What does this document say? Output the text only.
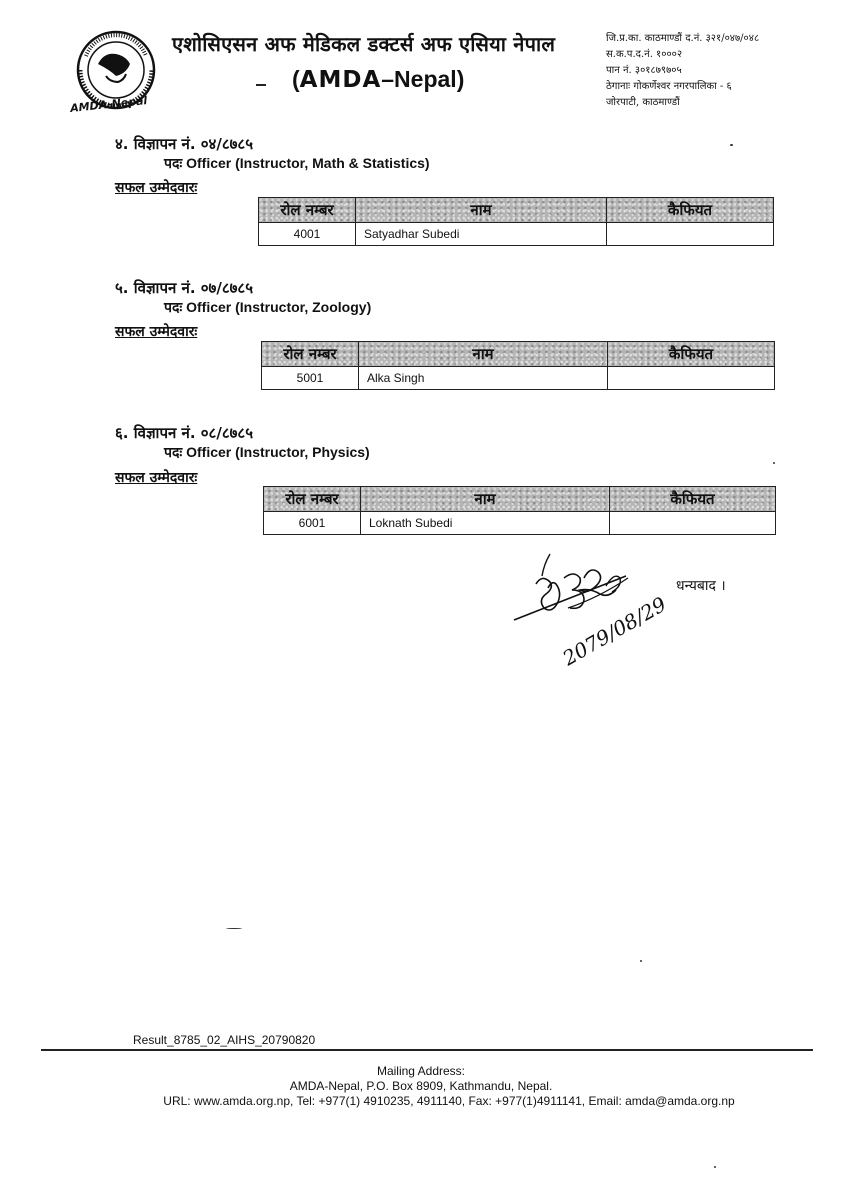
AMDA-Nepal
एशोसिएसन अफ मेडिकल डक्टर्स अफ एसिया नेपाल
(AMDA–Nepal)
जि.प्र.का. काठमाण्डौं द.नं. ३२१/०४७/०४८
स.क.प.द.नं. १०००२
पान नं. ३०१८७९७०५
ठेगानाः गोकर्णेश्वर नगरपालिका - ६
जोरपाटी, काठमाण्डौं
४. विज्ञापन नं. ०४/८७८५
पदः Officer (Instructor, Math & Statistics)
सफल उम्मेदवारः
रोल नम्बर	नाम	कैफियत
4001	Satyadhar Subedi	
५. विज्ञापन नं. ०७/८७८५
पदः Officer (Instructor, Zoology)
सफल उम्मेदवारः
रोल नम्बर	नाम	कैफियत
5001	Alka Singh	
६. विज्ञापन नं. ०८/८७८५
पदः Officer (Instructor, Physics)
सफल उम्मेदवारः
रोल नम्बर	नाम	कैफियत
6001	Loknath Subedi	
2079/08/29
धन्यबाद ।
Result_8785_02_AIHS_20790820
Mailing Address:
AMDA-Nepal, P.O. Box 8909, Kathmandu, Nepal.
URL: www.amda.org.np, Tel: +977(1) 4910235, 4911140, Fax: +977(1)4911141, Email: amda@amda.org.np
